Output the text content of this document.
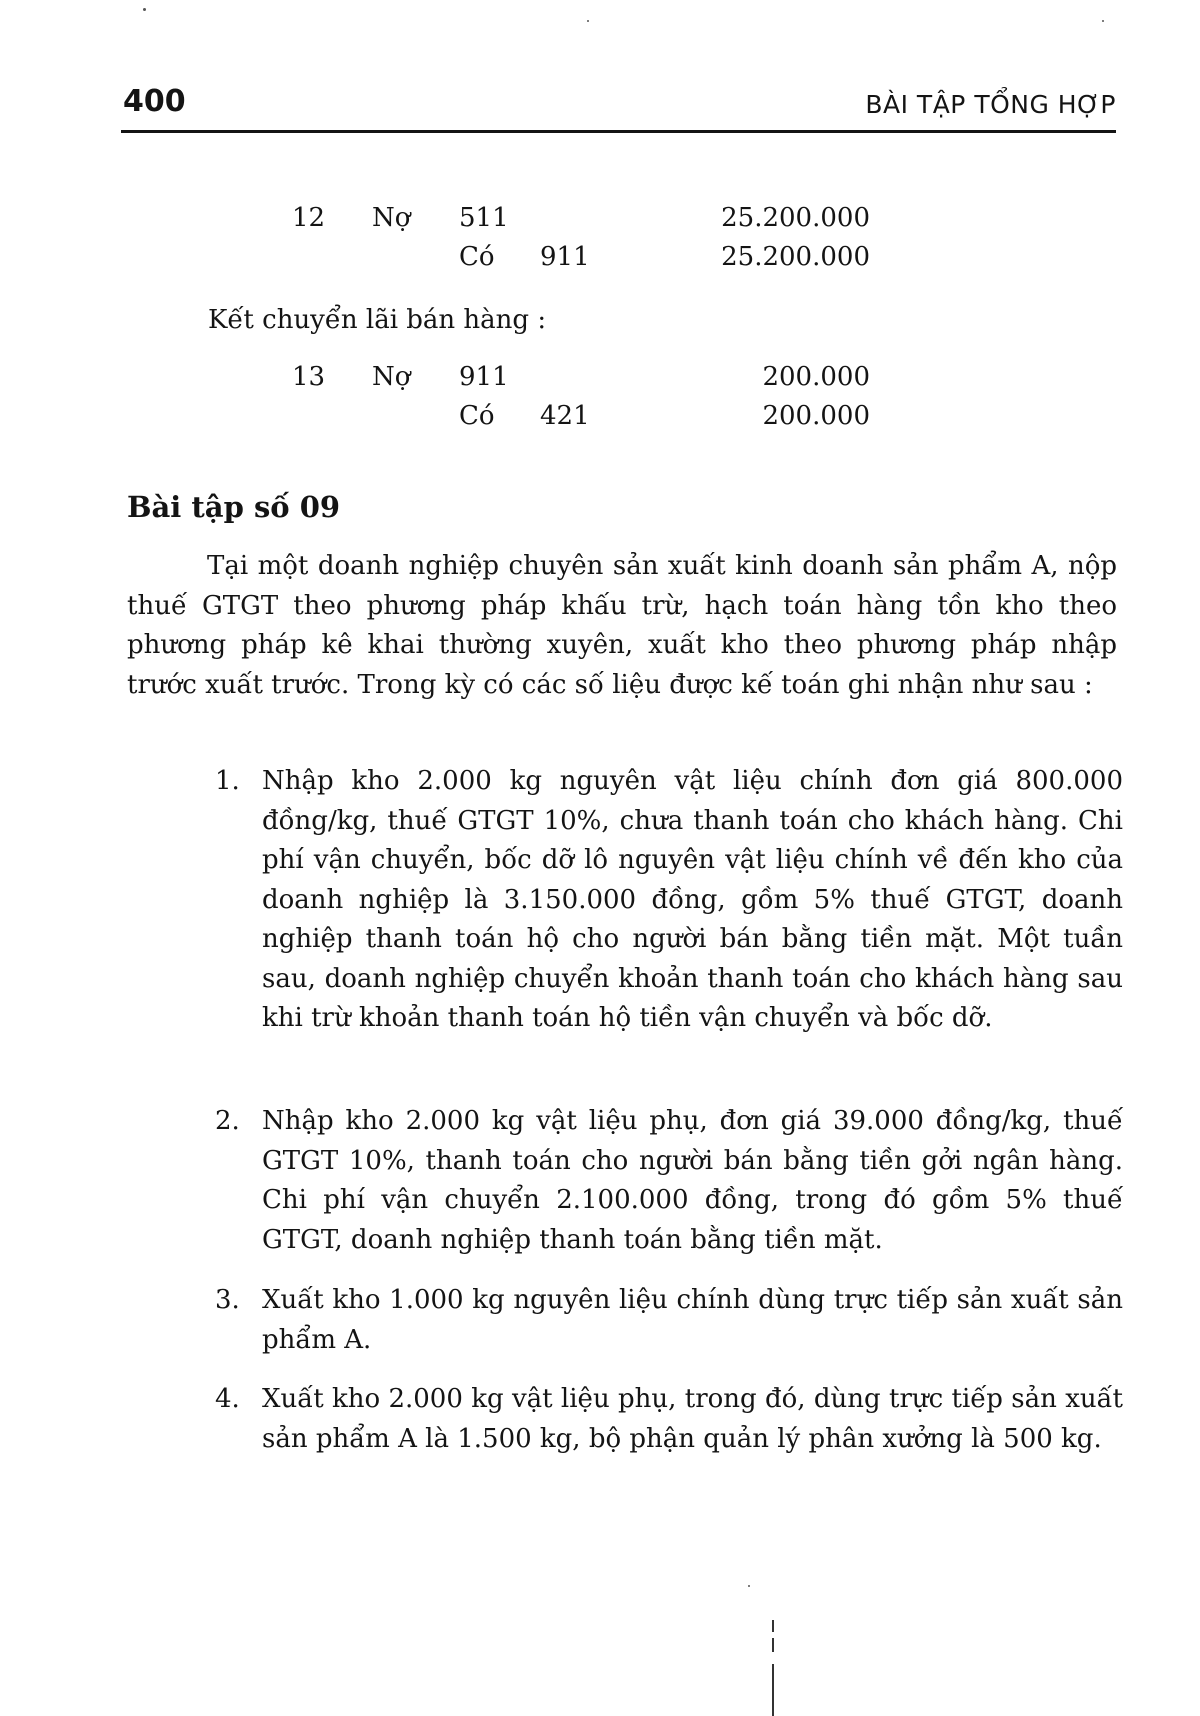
400	BÀI TẬP TỔNG HỢP
12 Nợ 511	25.200.000
Có 911	25.200.000
Kết chuyển lãi bán hàng :
13 Nợ 911	200.000
Có 421	200.000
Bài tập số 09

Tại một doanh nghiệp chuyên sản xuất kinh doanh sản phẩm A, nộp thuế GTGT theo phương pháp khấu trừ, hạch toán hàng tồn kho theo phương pháp kê khai thường xuyên, xuất kho theo phương pháp nhập trước xuất trước. Trong kỳ có các số liệu được kế toán ghi nhận như sau :

1. Nhập kho 2.000 kg nguyên vật liệu chính đơn giá 800.000 đồng/kg, thuế GTGT 10%, chưa thanh toán cho khách hàng. Chi phí vận chuyển, bốc dỡ lô nguyên vật liệu chính về đến kho của doanh nghiệp là 3.150.000 đồng, gồm 5% thuế GTGT, doanh nghiệp thanh toán hộ cho người bán bằng tiền mặt. Một tuần sau, doanh nghiệp chuyển khoản thanh toán cho khách hàng sau khi trừ khoản thanh toán hộ tiền vận chuyển và bốc dỡ.
2. Nhập kho 2.000 kg vật liệu phụ, đơn giá 39.000 đồng/kg, thuế GTGT 10%, thanh toán cho người bán bằng tiền gởi ngân hàng. Chi phí vận chuyển 2.100.000 đồng, trong đó gồm 5% thuế GTGT, doanh nghiệp thanh toán bằng tiền mặt.
3. Xuất kho 1.000 kg nguyên liệu chính dùng trực tiếp sản xuất sản phẩm A.
4. Xuất kho 2.000 kg vật liệu phụ, trong đó, dùng trực tiếp sản xuất sản phẩm A là 1.500 kg, bộ phận quản lý phân xưởng là 500 kg.
